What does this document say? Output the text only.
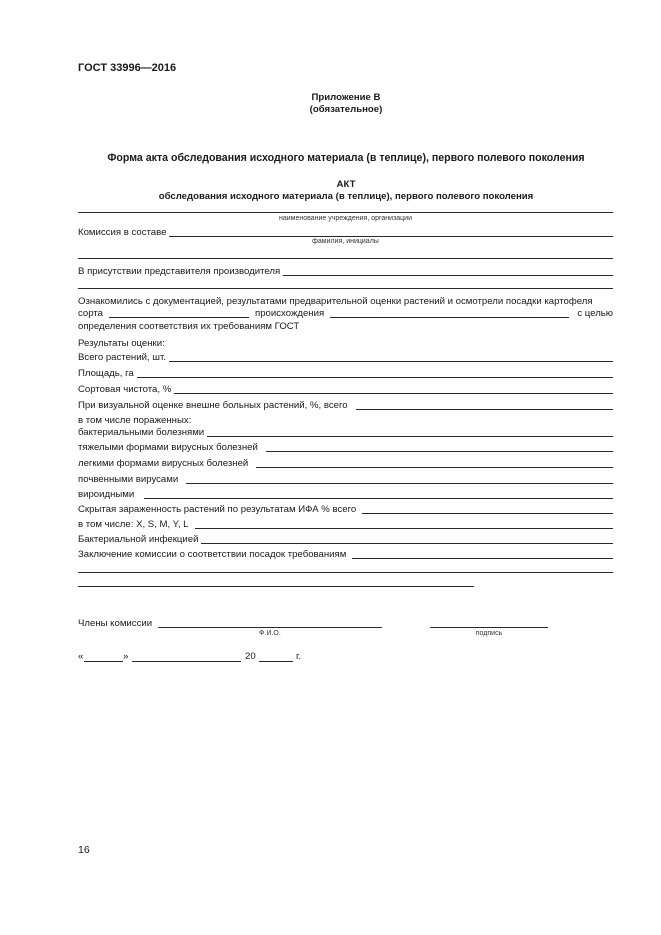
ГОСТ 33996—2016
Приложение В
(обязательное)
Форма акта обследования исходного материала (в теплице), первого полевого поколения
АКТ
обследования исходного материала (в теплице), первого полевого поколения
наименование учреждения, организации
Комиссия в составе
фамилия, инициалы
В присутствии представителя производителя
Ознакомились с документацией, результатами предварительной оценки растений и осмотрели посадки картофеля
сорта	происхождения	с целью
определения соответствия их требованиям ГОСТ
Результаты оценки:
Всего растений, шт.
Площадь, га
Сортовая чистота, %
При визуальной оценке внешне больных растений, %, всего
в том числе пораженных:
бактериальными болезнями
тяжелыми формами вирусных болезней
легкими формами вирусных болезней
почвенными вирусами
вироидными
Скрытая зараженность растений по результатам ИФА % всего
в том числе: X, S, M, Y, L
Бактериальной инфекцией
Заключение комиссии о соответствии посадок требованиям
Члены комиссии
Ф.И.О.	подпись
«	»	20	г.
16
